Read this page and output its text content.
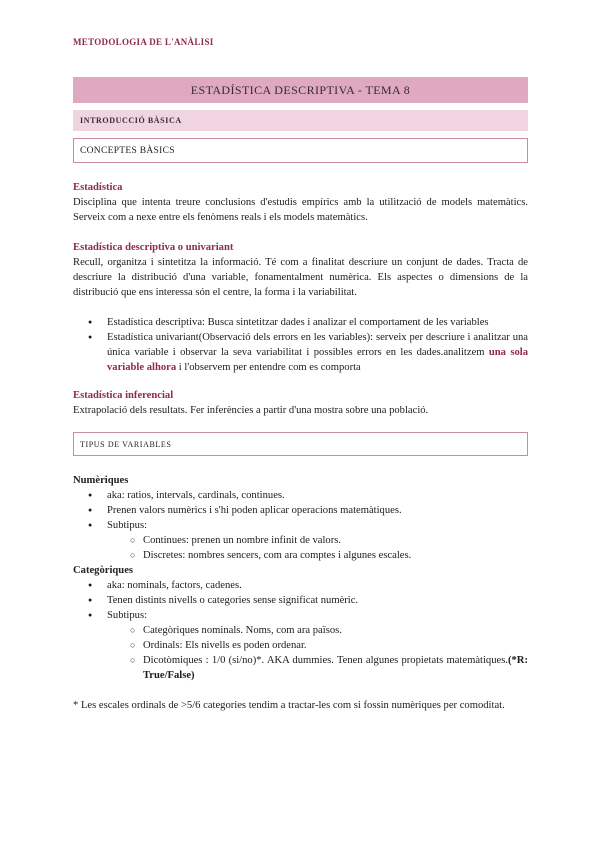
METODOLOGIA DE L'ANÀLISI
ESTADÍSTICA DESCRIPTIVA - TEMA 8
INTRODUCCIÓ BÀSICA
CONCEPTES BÀSICS
Estadística
Disciplina que intenta treure conclusions d'estudis empírics amb la utilització de models matemàtics. Serveix com a nexe entre els fenòmens reals i els models matemàtics.
Estadística descriptiva o univariant
Recull, organitza i sintetitza la informació. Té com a finalitat descriure un conjunt de dades. Tracta de descriure la distribució d'una variable, fonamentalment numèrica. Els aspectes o dimensions de la distribució que ens interessa són el centre, la forma i la variabilitat.
● Estadística descriptiva: Busca sintetitzar dades i analizar el comportament de les variables
● Estadística univariant(Observació dels errors en les variables): serveix per descriure i analitzar una única variable i observar la seva variabilitat i possibles errors en les dades.analitzem una sola variable alhora i l'observem per entendre com es comporta
Estadística inferencial
Extrapolació dels resultats. Fer inferències a partir d'una mostra sobre una població.
TIPUS DE VARIABLES
Numèriques
● aka: ratios, intervals, cardinals, continues.
● Prenen valors numèrics i s'hi poden aplicar operacions matemàtiques.
● Subtipus:
○ Continues: prenen un nombre infinit de valors.
○ Discretes: nombres sencers, com ara comptes i algunes escales.
Categòriques
● aka: nominals, factors, cadenes.
● Tenen distints nivells o categories sense significat numèric.
● Subtipus:
○ Categòriques nominals. Noms, com ara països.
○ Ordinals: Els nivells es poden ordenar.
○ Dicotòmiques : 1/0 (si/no)*. AKA dummies. Tenen algunes propietats matemàtiques.(*R: True/False)
* Les escales ordinals de >5/6 categories tendim a tractar-les com si fossin numèriques per comoditat.
